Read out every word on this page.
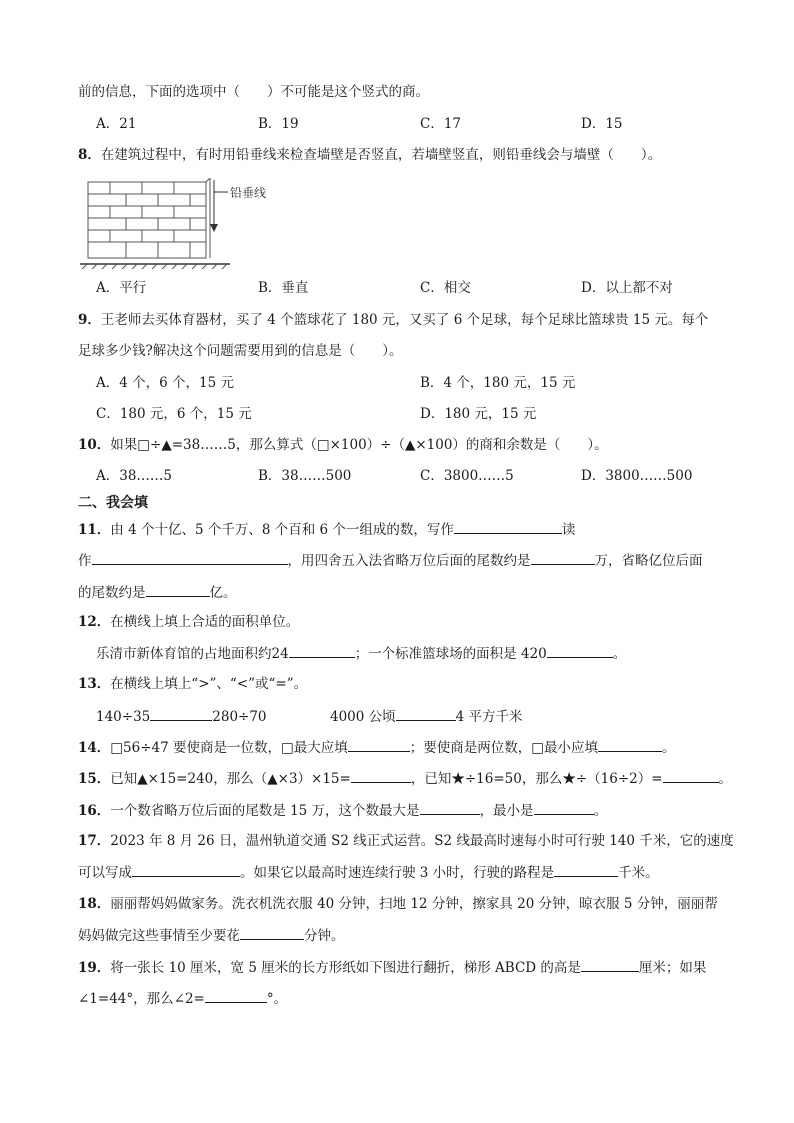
前的信息，下面的选项中（　　）不可能是这个竖式的商。
A．21	B．19	C．17	D．15
8．在建筑过程中，有时用铅垂线来检查墙壁是否竖直，若墙壁竖直，则铅垂线会与墙壁（　　）。
铅垂线
A．平行	B．垂直	C．相交	D．以上都不对
9．王老师去买体育器材，买了 4 个篮球花了 180 元，又买了 6 个足球，每个足球比篮球贵 15 元。每个
足球多少钱?解决这个问题需要用到的信息是（　　）。
A．4 个，6 个，15 元	B．4 个，180 元，15 元
C．180 元，6 个，15 元	D．180 元，15 元
10．如果□÷▲=38……5，那么算式（□×100）÷（▲×100）的商和余数是（　　）。
A．38……5	B．38……500	C．3800……5	D．3800……500
二、我会填
11．由 4 个十亿、5 个千万、8 个百和 6 个一组成的数，写作	读
作	，用四舍五入法省略万位后面的尾数约是	万，省略亿位后面
的尾数约是	亿。
12．在横线上填上合适的面积单位。
乐清市新体育馆的占地面积约24	；一个标准篮球场的面积是 420	。
13．在横线上填上“>”、“<”或“=”。
140÷35	280÷70	4000 公顷	4 平方千米
14．□56÷47 要使商是一位数，□最大应填	；要使商是两位数，□最小应填	。
15．已知▲×15=240，那么（▲×3）×15=	，已知★÷16=50，那么★÷（16÷2）=	。
16．一个数省略万位后面的尾数是 15 万，这个数最大是	，最小是	。
17．2023 年 8 月 26 日，温州轨道交通 S2 线正式运营。S2 线最高时速每小时可行驶 140 千米，它的速度
可以写成	。如果它以最高时速连续行驶 3 小时，行驶的路程是	千米。
18．丽丽帮妈妈做家务。洗衣机洗衣服 40 分钟，扫地 12 分钟，擦家具 20 分钟，晾衣服 5 分钟，丽丽帮
妈妈做完这些事情至少要花	分钟。
19．将一张长 10 厘米，宽 5 厘米的长方形纸如下图进行翻折，梯形 ABCD 的高是	厘米；如果
∠1=44°，那么∠2=	°。
